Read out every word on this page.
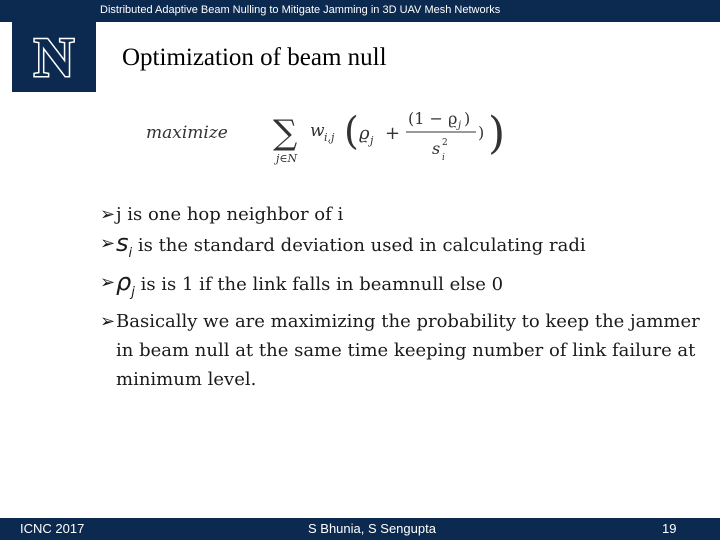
Distributed Adaptive Beam Nulling to Mitigate Jamming in 3D UAV Mesh Networks
N Optimization of beam null
maximize ∑
j∈N
w i,j ( ϱ j +
(1 − ϱ j )
s 2
i
) )
➢ j is one hop neighbor of i
➢ $s_i$ is the standard deviation used in calculating radi
➢ $\rho_j$ is is 1 if the link falls in beamnull else 0
➢ Basically we are maximizing the probability to keep the jammer in beam null at the same time keeping number of link failure at minimum level.
ICNC 2017	S Bhunia, S Sengupta	19
